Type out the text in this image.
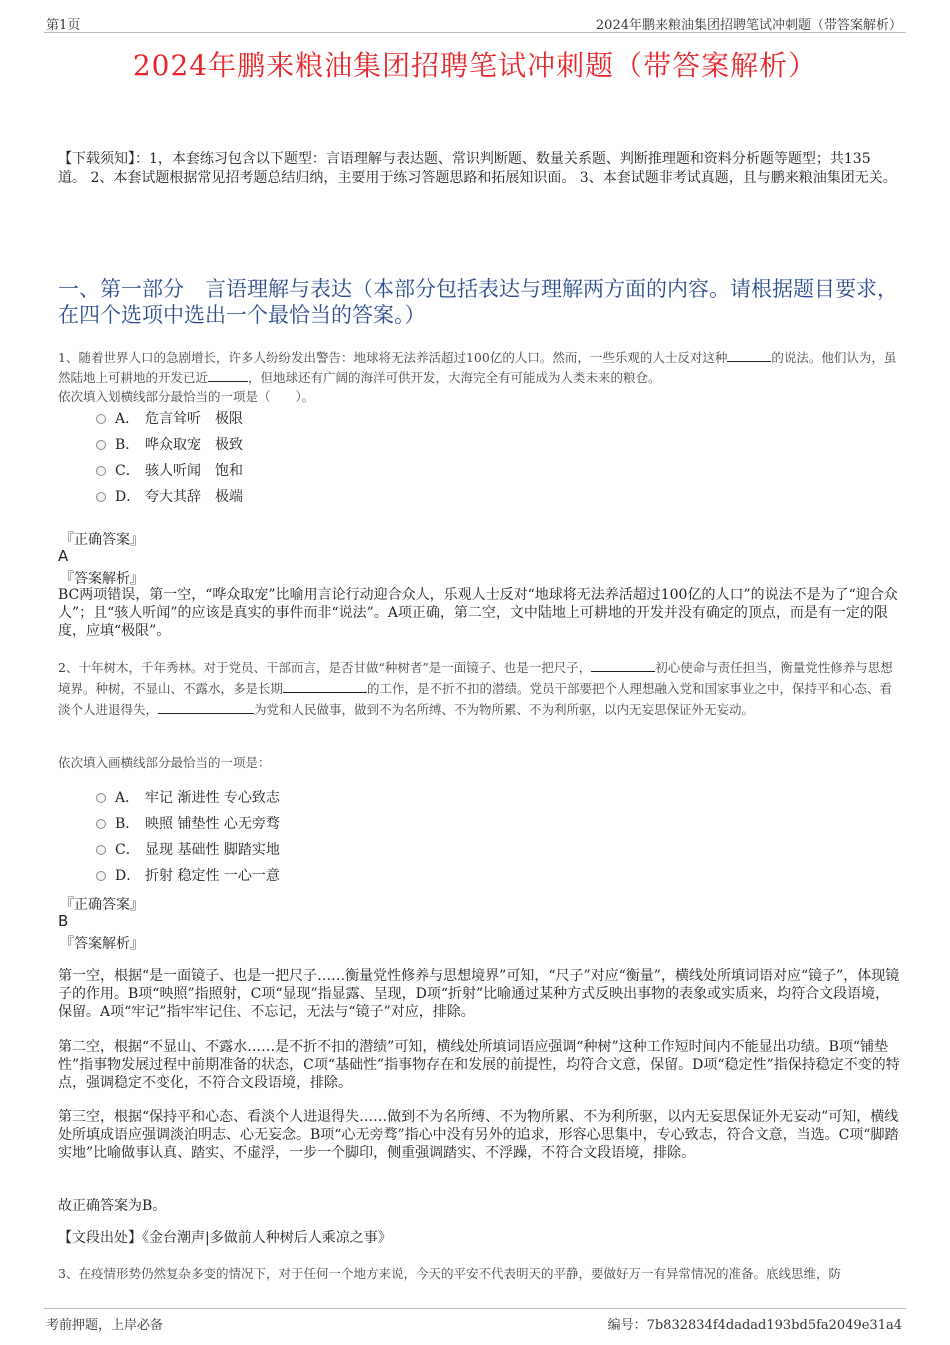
第1页	2024年鹏来粮油集团招聘笔试冲刺题（带答案解析）
2024年鹏来粮油集团招聘笔试冲刺题（带答案解析）
【下载须知】：1，本套练习包含以下题型：言语理解与表达题、常识判断题、数量关系题、判断推理题和资料分析题等题型；共135道。 2、本套试题根据常见招考题总结归纳，主要用于练习答题思路和拓展知识面。 3、本套试题非考试真题，且与鹏来粮油集团无关。
一、第一部分　言语理解与表达（本部分包括表达与理解两方面的内容。请根据题目要求，在四个选项中选出一个最恰当的答案。）
1、随着世界人口的急剧增长，许多人纷纷发出警告：地球将无法养活超过100亿的人口。然而，一些乐观的人士反对这种	的说法。他们认为，虽然陆地上可耕地的开发已近	，但地球还有广阔的海洋可供开发，大海完全有可能成为人类未来的粮仓。
依次填入划横线部分最恰当的一项是（　　）。
A． 危言耸听 极限
B． 哗众取宠 极致
C． 骇人听闻 饱和
D． 夸大其辞 极端
『正确答案』
A
『答案解析』
BC两项错误，第一空，“哗众取宠”比喻用言论行动迎合众人，乐观人士反对“地球将无法养活超过100亿的人口”的说法不是为了“迎合众人”；且“骇人听闻”的应该是真实的事件而非“说法”。A项正确，第二空，文中陆地上可耕地的开发并没有确定的顶点，而是有一定的限度，应填“极限”。
2、十年树木，千年秀林。对于党员、干部而言，是否甘做“种树者”是一面镜子、也是一把尺子，	初心使命与责任担当，衡量党性修养与思想境界。种树，不显山、不露水，多是长期	的工作，是不折不扣的潜绩。党员干部要把个人理想融入党和国家事业之中，保持平和心态、看淡个人进退得失，	为党和人民做事，做到不为名所缚、不为物所累、不为利所驱，以内无妄思保证外无妄动。
依次填入画横线部分最恰当的一项是：
A． 牢记 渐进性 专心致志
B． 映照 铺垫性 心无旁骛
C． 显现 基础性 脚踏实地
D． 折射 稳定性 一心一意
『正确答案』
B
『答案解析』
第一空，根据“是一面镜子、也是一把尺子……衡量党性修养与思想境界”可知，“尺子”对应“衡量”，横线处所填词语对应“镜子”，体现镜子的作用。B项“映照”指照射，C项“显现”指显露、呈现，D项“折射”比喻通过某种方式反映出事物的表象或实质来，均符合文段语境，保留。A项“牢记”指牢牢记住、不忘记，无法与“镜子”对应，排除。
第二空，根据“不显山、不露水……是不折不扣的潜绩”可知，横线处所填词语应强调“种树”这种工作短时间内不能显出功绩。B项“铺垫性”指事物发展过程中前期准备的状态，C项“基础性”指事物存在和发展的前提性，均符合文意，保留。D项“稳定性”指保持稳定不变的特点，强调稳定不变化，不符合文段语境，排除。
第三空，根据“保持平和心态、看淡个人进退得失……做到不为名所缚、不为物所累、不为利所驱，以内无妄思保证外无妄动”可知，横线处所填成语应强调淡泊明志、心无妄念。B项“心无旁骛”指心中没有另外的追求，形容心思集中，专心致志，符合文意，当选。C项“脚踏实地”比喻做事认真、踏实、不虚浮，一步一个脚印，侧重强调踏实、不浮躁，不符合文段语境，排除。
故正确答案为B。
【文段出处】《金台潮声|多做前人种树后人乘凉之事》
3、在疫情形势仍然复杂多变的情况下，对于任何一个地方来说，今天的平安不代表明天的平静，要做好万一有异常情况的准备。底线思维，防
考前押题，上岸必备	编号：7b832834f4dadad193bd5fa2049e31a4
